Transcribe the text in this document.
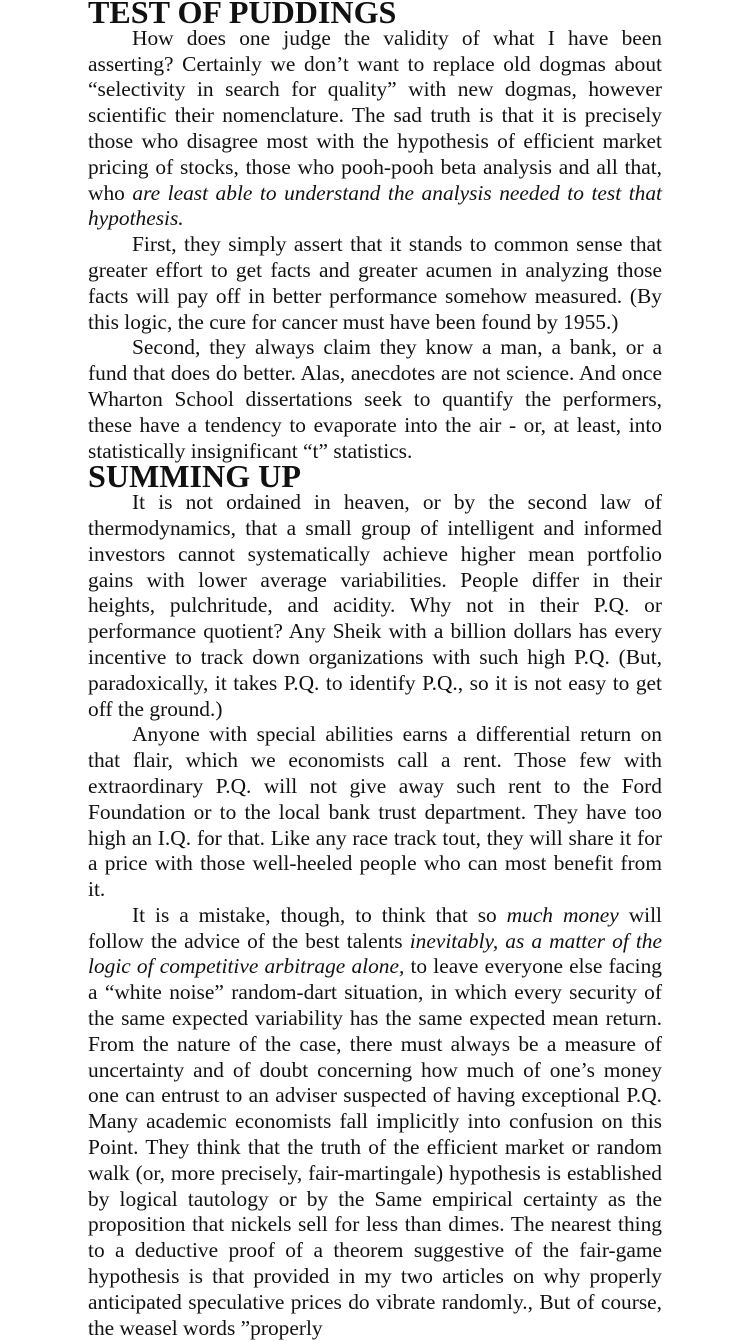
TEST OF PUDDINGS

How does one judge the validity of what I have been asserting? Certainly we don’t want to replace old dogmas about “selectivity in search for quality” with new dogmas, however scientific their nomenclature. The sad truth is that it is precisely those who disagree most with the hypothesis of efficient market pricing of stocks, those who pooh-pooh beta analysis and all that, who are least able to understand the analysis needed to test that hypothesis.

First, they simply assert that it stands to common sense that greater effort to get facts and greater acumen in analyzing those facts will pay off in better performance somehow measured. (By this logic, the cure for cancer must have been found by 1955.)

Second, they always claim they know a man, a bank, or a fund that does do better. Alas, anecdotes are not science. And once Wharton School dissertations seek to quantify the performers, these have a tendency to evaporate into the air - or, at least, into statistically insignificant “t” statistics.

SUMMING UP

It is not ordained in heaven, or by the second law of thermodynamics, that a small group of intelligent and informed investors cannot systematically achieve higher mean portfolio gains with lower average variabilities. People differ in their heights, pulchritude, and acidity. Why not in their P.Q. or performance quotient? Any Sheik with a billion dollars has every incentive to track down organizations with such high P.Q. (But, paradoxically, it takes P.Q. to identify P.Q., so it is not easy to get off the ground.)

Anyone with special abilities earns a differential return on that flair, which we economists call a rent. Those few with extraordinary P.Q. will not give away such rent to the Ford Foundation or to the local bank trust department. They have too high an I.Q. for that. Like any race track tout, they will share it for a price with those well-heeled people who can most benefit from it.

It is a mistake, though, to think that so much money will follow the advice of the best talents inevitably, as a matter of the logic of competitive arbitrage alone, to leave everyone else facing a “white noise” random-dart situation, in which every security of the same expected variability has the same expected mean return. From the nature of the case, there must always be a measure of uncertainty and of doubt concerning how much of one’s money one can entrust to an adviser suspected of having exceptional P.Q. Many academic economists fall implicitly into confusion on this Point. They think that the truth of the efficient market or random walk (or, more precisely, fair-martingale) hypothesis is established by logical tautology or by the Same empirical certainty as the proposition that nickels sell for less than dimes. The nearest thing to a deductive proof of a theorem suggestive of the fair-game hypothesis is that provided in my two articles on why properly anticipated speculative prices do vibrate randomly., But of course, the weasel words ”properly
